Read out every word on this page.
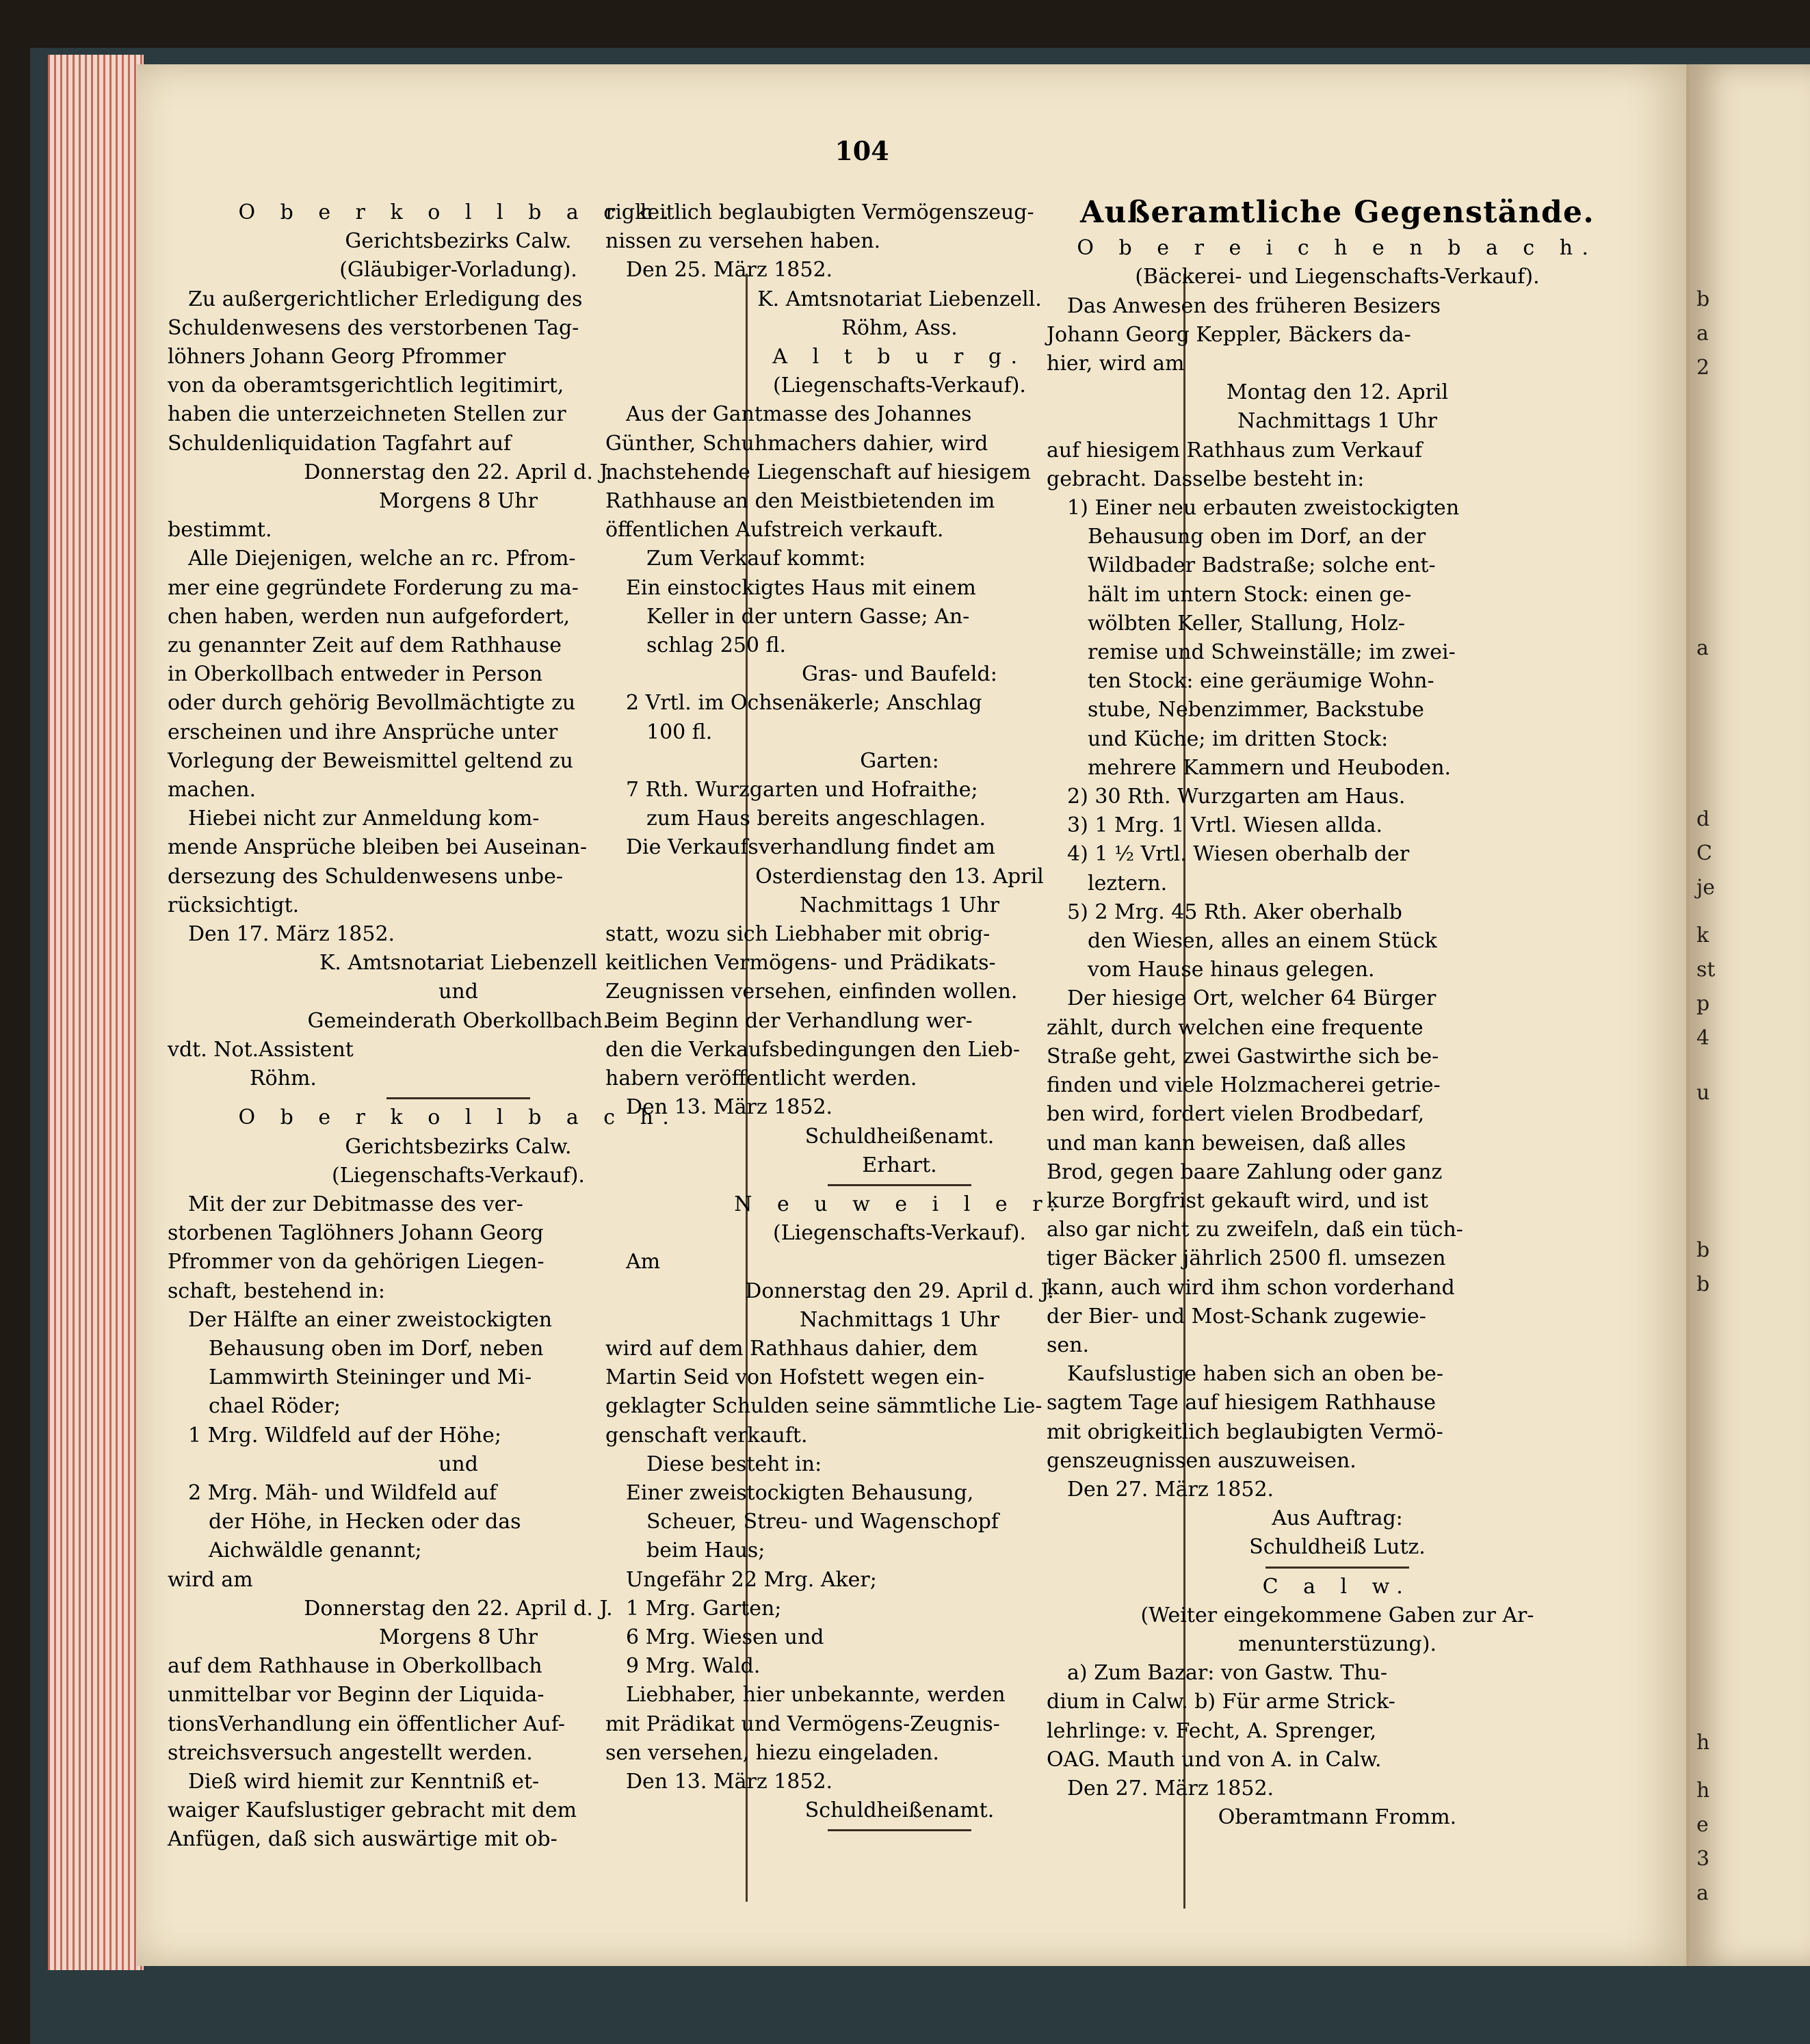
b
a
2
a
d
C
je
k
st
p
4
u
b
b
h
h
e
3
a
104

O b e r k o l l b a c h.

Gerichtsbezirks Calw.

(Gläubiger-Vorladung).

Zu außergerichtlicher Erledigung des

Schuldenwesens des verstorbenen Tag-

löhners Johann Georg Pfrommer

von da oberamtsgerichtlich legitimirt,

haben die unterzeichneten Stellen zur

Schuldenliquidation Tagfahrt auf

Donnerstag den 22. April d. J.

Morgens 8 Uhr

bestimmt.

Alle Diejenigen, welche an rc. Pfrom-

mer eine gegründete Forderung zu ma-

chen haben, werden nun aufgefordert,

zu genannter Zeit auf dem Rathhause

in Oberkollbach entweder in Person

oder durch gehörig Bevollmächtigte zu

erscheinen und ihre Ansprüche unter

Vorlegung der Beweismittel geltend zu

machen.

Hiebei nicht zur Anmeldung kom-

mende Ansprüche bleiben bei Auseinan-

dersezung des Schuldenwesens unbe-

rücksichtigt.

Den 17. März 1852.

K. Amtsnotariat Liebenzell

und

Gemeinderath Oberkollbach.

vdt. Not.Assistent

Röhm.

O b e r k o l l b a c h.

Gerichtsbezirks Calw.

(Liegenschafts-Verkauf).

Mit der zur Debitmasse des ver-

storbenen Taglöhners Johann Georg

Pfrommer von da gehörigen Liegen-

schaft, bestehend in:

Der Hälfte an einer zweistockigten

Behausung oben im Dorf, neben

Lammwirth Steininger und Mi-

chael Röder;

1 Mrg. Wildfeld auf der Höhe;

und

2 Mrg. Mäh- und Wildfeld auf

der Höhe, in Hecken oder das

Aichwäldle genannt;

wird am

Donnerstag den 22. April d. J.

Morgens 8 Uhr

auf dem Rathhause in Oberkollbach

unmittelbar vor Beginn der Liquida-

tionsVerhandlung ein öffentlicher Auf-

streichsversuch angestellt werden.

Dieß wird hiemit zur Kenntniß et-

waiger Kaufslustiger gebracht mit dem

Anfügen, daß sich auswärtige mit ob-

rigkeitlich beglaubigten Vermögenszeug-

nissen zu versehen haben.

Den 25. März 1852.

K. Amtsnotariat Liebenzell.

Röhm, Ass.

A l t b u r g.

(Liegenschafts-Verkauf).

Aus der Gantmasse des Johannes

Günther, Schuhmachers dahier, wird

nachstehende Liegenschaft auf hiesigem

Rathhause an den Meistbietenden im

öffentlichen Aufstreich verkauft.

Zum Verkauf kommt:

Ein einstockigtes Haus mit einem

Keller in der untern Gasse; An-

schlag 250 fl.

Gras- und Baufeld:

2 Vrtl. im Ochsenäkerle; Anschlag

100 fl.

Garten:

7 Rth. Wurzgarten und Hofraithe;

zum Haus bereits angeschlagen.

Die Verkaufsverhandlung findet am

Osterdienstag den 13. April

Nachmittags 1 Uhr

statt, wozu sich Liebhaber mit obrig-

keitlichen Vermögens- und Prädikats-

Zeugnissen versehen, einfinden wollen.

Beim Beginn der Verhandlung wer-

den die Verkaufsbedingungen den Lieb-

habern veröffentlicht werden.

Den 13. März 1852.

Schuldheißenamt.

Erhart.

N e u w e i l e r.

(Liegenschafts-Verkauf).

Am

Donnerstag den 29. April d. J.

Nachmittags 1 Uhr

wird auf dem Rathhaus dahier, dem

Martin Seid von Hofstett wegen ein-

geklagter Schulden seine sämmtliche Lie-

genschaft verkauft.

Diese besteht in:

Einer zweistockigten Behausung,

Scheuer, Streu- und Wagenschopf

beim Haus;

Ungefähr 22 Mrg. Aker;

1 Mrg. Garten;

6 Mrg. Wiesen und

9 Mrg. Wald.

Liebhaber, hier unbekannte, werden

mit Prädikat und Vermögens-Zeugnis-

sen versehen, hiezu eingeladen.

Den 13. März 1852.

Schuldheißenamt.

Außeramtliche Gegenstände.

O b e r e i c h e n b a c h.

(Bäckerei- und Liegenschafts-Verkauf).

Das Anwesen des früheren Besizers

Johann Georg Keppler, Bäckers da-

hier, wird am

Montag den 12. April

Nachmittags 1 Uhr

auf hiesigem Rathhaus zum Verkauf

gebracht. Dasselbe besteht in:

1) Einer neu erbauten zweistockigten

Behausung oben im Dorf, an der

Wildbader Badstraße; solche ent-

hält im untern Stock: einen ge-

wölbten Keller, Stallung, Holz-

remise und Schweinställe; im zwei-

ten Stock: eine geräumige Wohn-

stube, Nebenzimmer, Backstube

und Küche; im dritten Stock:

mehrere Kammern und Heuboden.

2) 30 Rth. Wurzgarten am Haus.

3) 1 Mrg. 1 Vrtl. Wiesen allda.

4) 1 ½ Vrtl. Wiesen oberhalb der

leztern.

5) 2 Mrg. 45 Rth. Aker oberhalb

den Wiesen, alles an einem Stück

vom Hause hinaus gelegen.

Der hiesige Ort, welcher 64 Bürger

zählt, durch welchen eine frequente

Straße geht, zwei Gastwirthe sich be-

finden und viele Holzmacherei getrie-

ben wird, fordert vielen Brodbedarf,

und man kann beweisen, daß alles

Brod, gegen baare Zahlung oder ganz

kurze Borgfrist gekauft wird, und ist

also gar nicht zu zweifeln, daß ein tüch-

tiger Bäcker jährlich 2500 fl. umsezen

kann, auch wird ihm schon vorderhand

der Bier- und Most-Schank zugewie-

sen.

Kaufslustige haben sich an oben be-

sagtem Tage auf hiesigem Rathhause

mit obrigkeitlich beglaubigten Vermö-

genszeugnissen auszuweisen.

Den 27. März 1852.

Aus Auftrag:

Schuldheiß Lutz.

C a l w.

(Weiter eingekommene Gaben zur Ar-

menunterstüzung).

a) Zum Bazar: von Gastw. Thu-

dium in Calw. b) Für arme Strick-

lehrlinge: v. Fecht, A. Sprenger,

OAG. Mauth und von A. in Calw.

Den 27. März 1852.

Oberamtmann Fromm.
